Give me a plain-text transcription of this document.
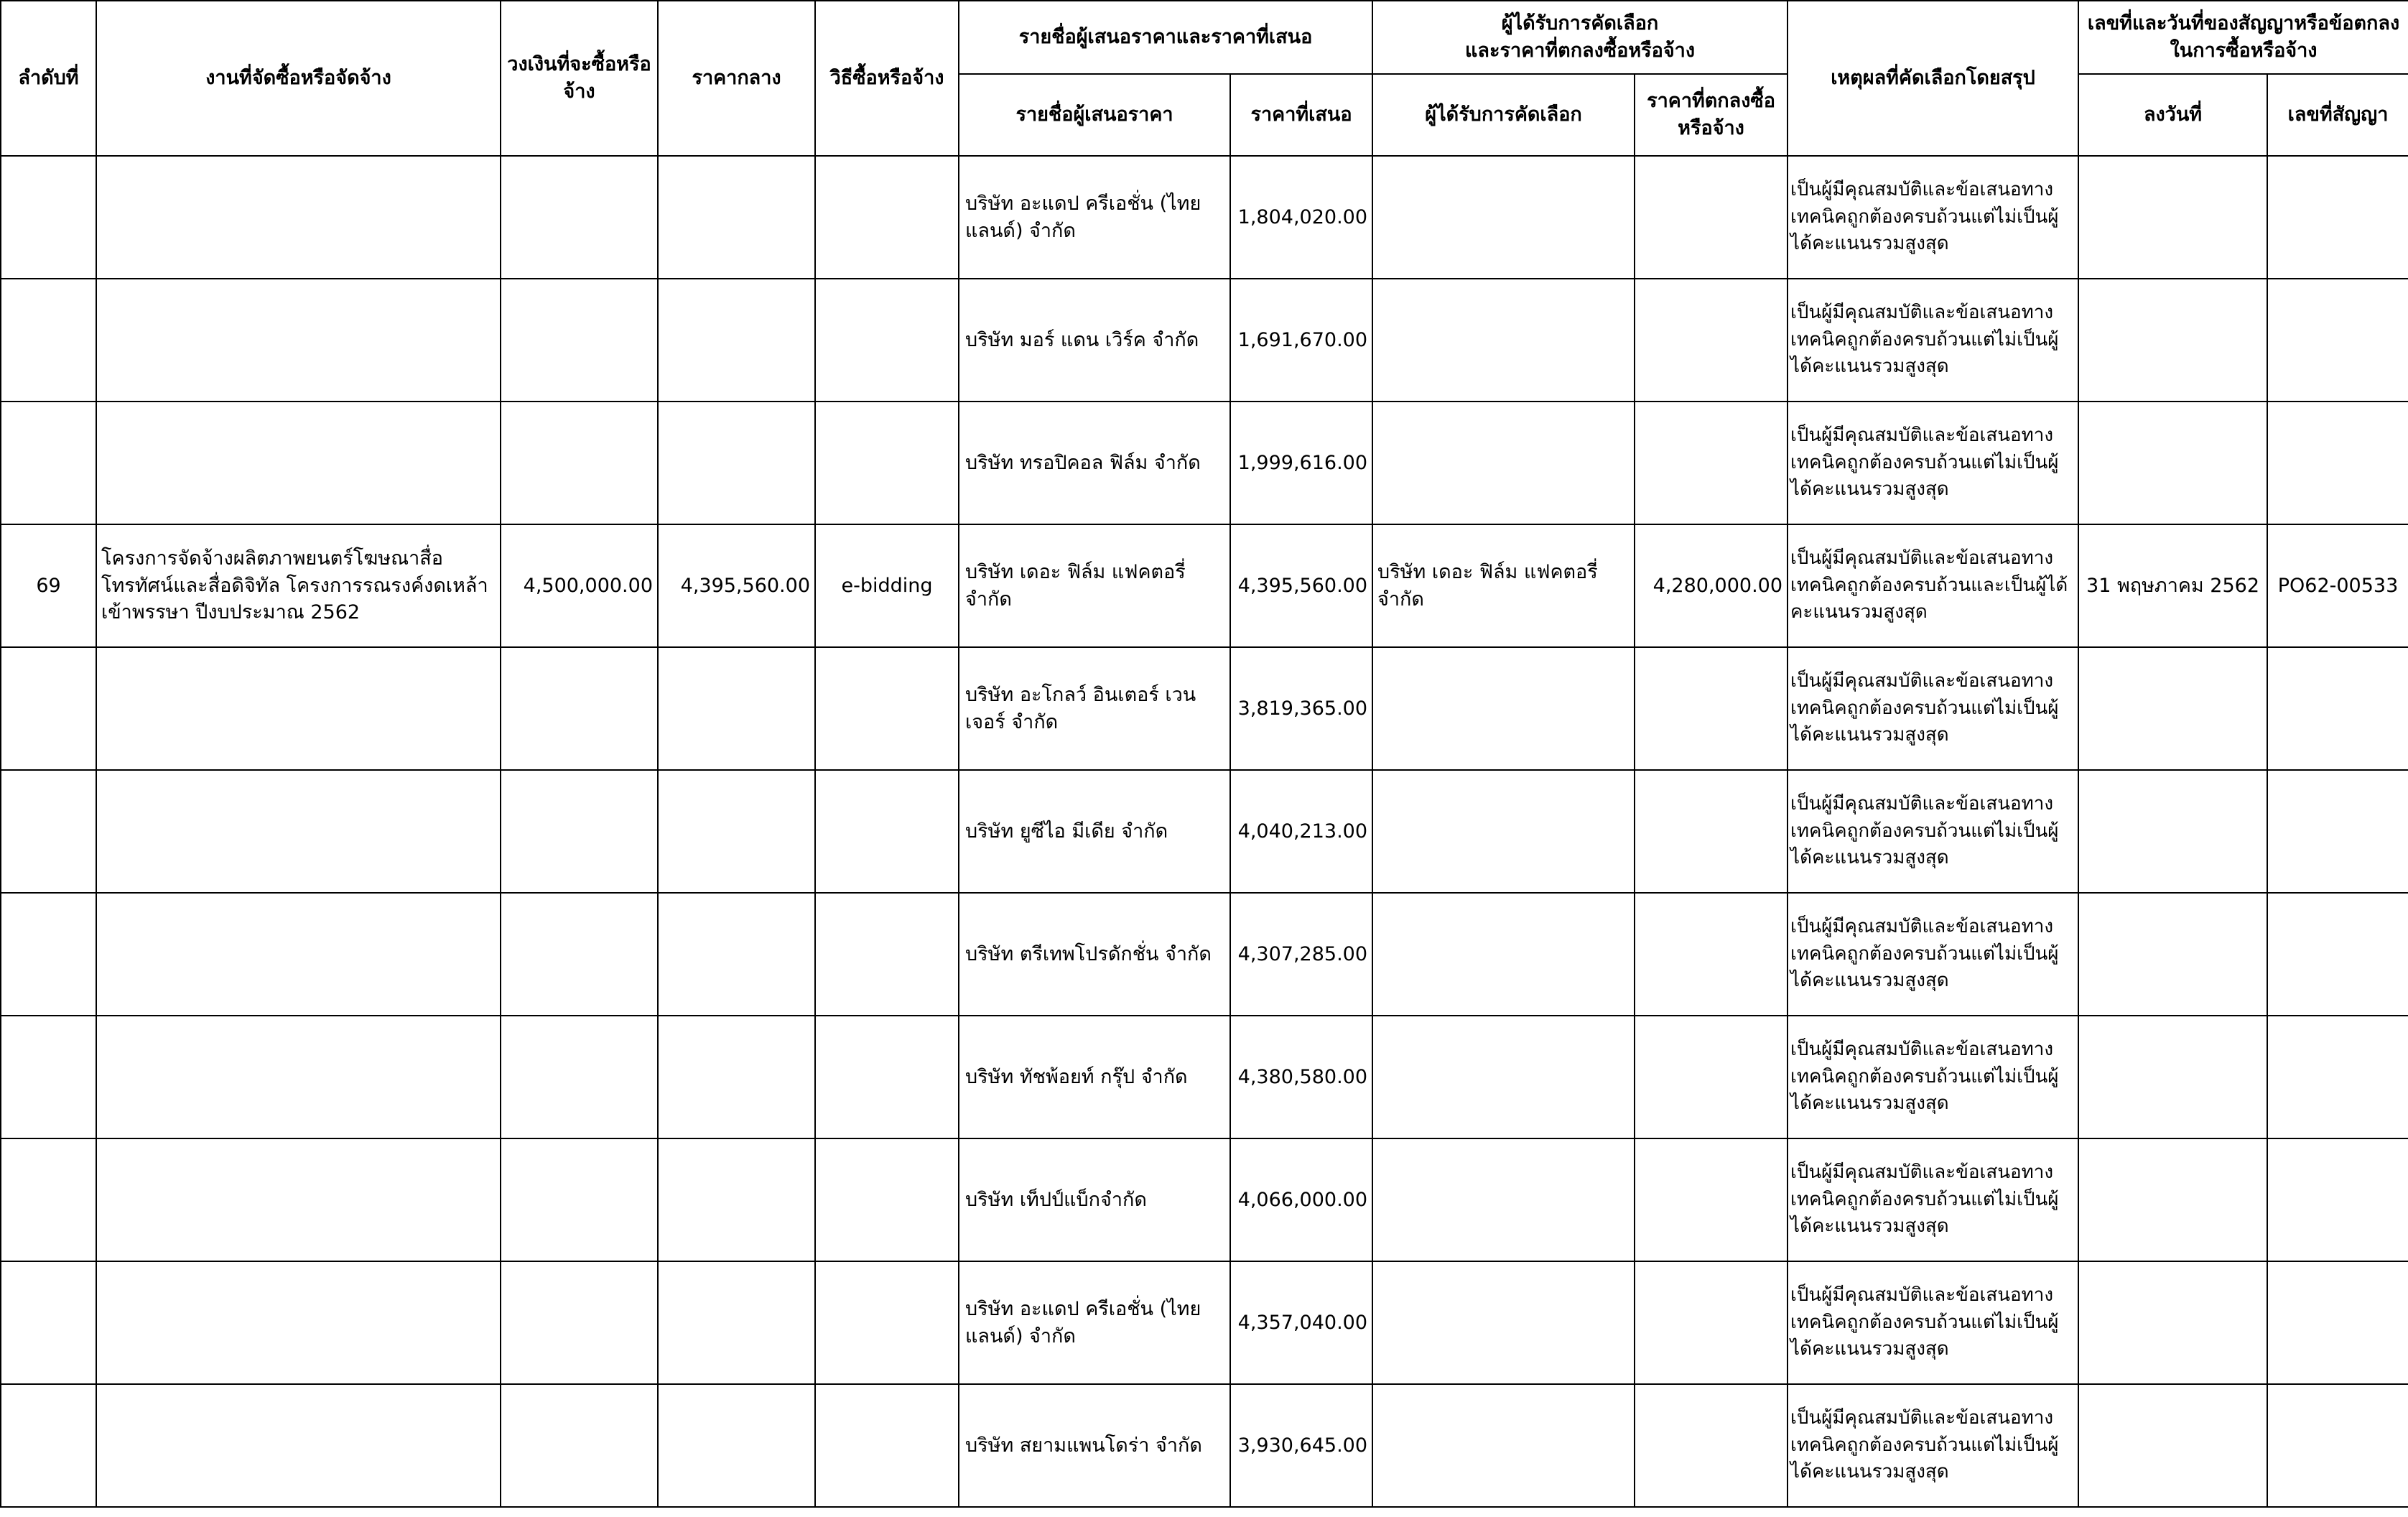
ลำดับที่	งานที่จัดซื้อหรือจัดจ้าง	วงเงินที่จะซื้อหรือจ้าง	ราคากลาง	วิธีซื้อหรือจ้าง	รายชื่อผู้เสนอราคาและราคาที่เสนอ		ผู้ได้รับการคัดเลือก
และราคาที่ตกลงซื้อหรือจ้าง		เหตุผลที่คัดเลือกโดยสรุป	เลขที่และวันที่ของสัญญาหรือข้อตกลงในการซื้อหรือจ้าง	
					รายชื่อผู้เสนอราคา	ราคาที่เสนอ	ผู้ได้รับการคัดเลือก	ราคาที่ตกลงซื้อหรือจ้าง		ลงวันที่	เลขที่สัญญา
					บริษัท อะแดป ครีเอชั่น (ไทยแลนด์) จำกัด	1,804,020.00			เป็นผู้มีคุณสมบัติและข้อเสนอทางเทคนิคถูกต้องครบถ้วนแต่ไม่เป็นผู้ได้คะแนนรวมสูงสุด		
					บริษัท มอร์ แดน เวิร์ค จำกัด	1,691,670.00			เป็นผู้มีคุณสมบัติและข้อเสนอทางเทคนิคถูกต้องครบถ้วนแต่ไม่เป็นผู้ได้คะแนนรวมสูงสุด		
					บริษัท ทรอปิคอล ฟิล์ม จำกัด	1,999,616.00			เป็นผู้มีคุณสมบัติและข้อเสนอทางเทคนิคถูกต้องครบถ้วนแต่ไม่เป็นผู้ได้คะแนนรวมสูงสุด		
69	โครงการจัดจ้างผลิตภาพยนตร์โฆษณาสื่อโทรทัศน์และสื่อดิจิทัล โครงการรณรงค์งดเหล้าเข้าพรรษา ปีงบประมาณ 2562	4,500,000.00	4,395,560.00	e-bidding	บริษัท เดอะ ฟิล์ม แฟคตอรี่ จำกัด	4,395,560.00	บริษัท เดอะ ฟิล์ม แฟคตอรี่ จำกัด	4,280,000.00	เป็นผู้มีคุณสมบัติและข้อเสนอทางเทคนิคถูกต้องครบถ้วนและเป็นผู้ได้คะแนนรวมสูงสุด	31 พฤษภาคม 2562	PO62-00533
					บริษัท อะโกลว์ อินเตอร์ เวนเจอร์ จำกัด	3,819,365.00			เป็นผู้มีคุณสมบัติและข้อเสนอทางเทคนิคถูกต้องครบถ้วนแต่ไม่เป็นผู้ได้คะแนนรวมสูงสุด		
					บริษัท ยูซีไอ มีเดีย จำกัด	4,040,213.00			เป็นผู้มีคุณสมบัติและข้อเสนอทางเทคนิคถูกต้องครบถ้วนแต่ไม่เป็นผู้ได้คะแนนรวมสูงสุด		
					บริษัท ตรีเทพโปรดักชั่น จำกัด	4,307,285.00			เป็นผู้มีคุณสมบัติและข้อเสนอทางเทคนิคถูกต้องครบถ้วนแต่ไม่เป็นผู้ได้คะแนนรวมสูงสุด		
					บริษัท ทัชพ้อยท์ กรุ๊ป จำกัด	4,380,580.00			เป็นผู้มีคุณสมบัติและข้อเสนอทางเทคนิคถูกต้องครบถ้วนแต่ไม่เป็นผู้ได้คะแนนรวมสูงสุด		
					บริษัท เท็ปป์แบ็กจำกัด	4,066,000.00			เป็นผู้มีคุณสมบัติและข้อเสนอทางเทคนิคถูกต้องครบถ้วนแต่ไม่เป็นผู้ได้คะแนนรวมสูงสุด		
					บริษัท อะแดป ครีเอชั่น (ไทยแลนด์) จำกัด	4,357,040.00			เป็นผู้มีคุณสมบัติและข้อเสนอทางเทคนิคถูกต้องครบถ้วนแต่ไม่เป็นผู้ได้คะแนนรวมสูงสุด		
					บริษัท สยามแพนโดร่า จำกัด	3,930,645.00			เป็นผู้มีคุณสมบัติและข้อเสนอทางเทคนิคถูกต้องครบถ้วนแต่ไม่เป็นผู้ได้คะแนนรวมสูงสุด		
